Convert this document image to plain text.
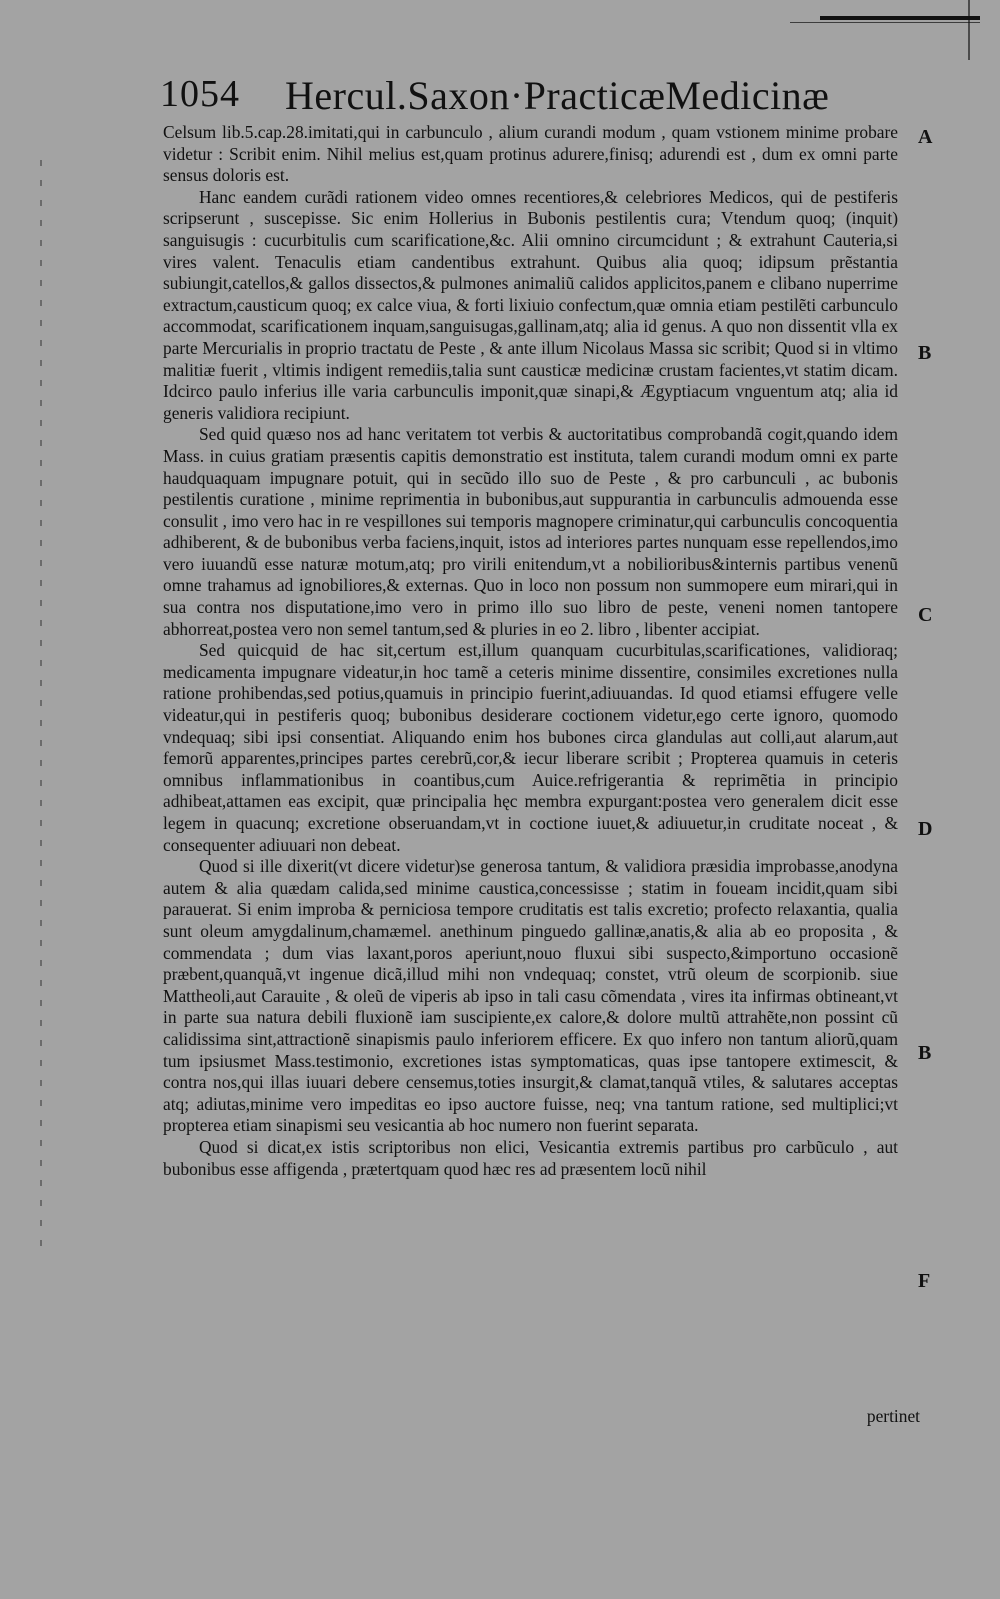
1054 Hercul.Saxon·PracticæMedicinæ

Celsum lib.5.cap.28.imitati,qui in carbunculo , alium curandi modum , quam vstionem minime probare videtur : Scribit enim. Nihil melius est,quam protinus adurere,finisq; adurendi est , dum ex omni parte sensus doloris est.

Hanc eandem curãdi rationem video omnes recentiores,& celebriores Medicos, qui de pestiferis scripserunt , suscepisse. Sic enim Hollerius in Bubonis pestilentis cura; Vtendum quoq; (inquit) sanguisugis : cucurbitulis cum scarificatione,&c. Alii omnino circumcidunt ; & extrahunt Cauteria,si vires valent. Tenaculis etiam candentibus extrahunt. Quibus alia quoq; idipsum prẽstantia subiungit,catellos,& gallos dissectos,& pulmones animaliũ calidos applicitos,panem e clibano nuperrime extractum,causticum quoq; ex calce viua, & forti lixiuio confectum,quæ omnia etiam pestilẽti carbunculo accommodat, scarificationem inquam,sanguisugas,gallinam,atq; alia id genus. A quo non dissentit vlla ex parte Mercurialis in proprio tractatu de Peste , & ante illum Nicolaus Massa sic scribit; Quod si in vltimo malitiæ fuerit , vltimis indigent remediis,talia sunt causticæ medicinæ crustam facientes,vt statim dicam. Idcirco paulo inferius ille varia carbunculis imponit,quæ sinapi,& Ægyptiacum vnguentum atq; alia id generis validiora recipiunt.

Sed quid quæso nos ad hanc veritatem tot verbis & auctoritatibus comprobandã cogit,quando idem Mass. in cuius gratiam præsentis capitis demonstratio est instituta, talem curandi modum omni ex parte haudquaquam impugnare potuit, qui in secũdo illo suo de Peste , & pro carbunculi , ac bubonis pestilentis curatione , minime reprimentia in bubonibus,aut suppurantia in carbunculis admouenda esse consulit , imo vero hac in re vespillones sui temporis magnopere criminatur,qui carbunculis concoquentia adhiberent, & de bubonibus verba faciens,inquit, istos ad interiores partes nunquam esse repellendos,imo vero iuuandũ esse naturæ motum,atq; pro virili enitendum,vt a nobilioribus&internis partibus venenũ omne trahamus ad ignobiliores,& externas. Quo in loco non possum non summopere eum mirari,qui in sua contra nos disputatione,imo vero in primo illo suo libro de peste, veneni nomen tantopere abhorreat,postea vero non semel tantum,sed & pluries in eo 2. libro , libenter accipiat.

Sed quicquid de hac sit,certum est,illum quanquam cucurbitulas,scarificationes, validioraq; medicamenta impugnare videatur,in hoc tamẽ a ceteris minime dissentire, consimiles excretiones nulla ratione prohibendas,sed potius,quamuis in principio fuerint,adiuuandas. Id quod etiamsi effugere velle videatur,qui in pestiferis quoq; bubonibus desiderare coctionem videtur,ego certe ignoro, quomodo vndequaq; sibi ipsi consentiat. Aliquando enim hos bubones circa glandulas aut colli,aut alarum,aut femorũ apparentes,principes partes cerebrũ,cor,& iecur liberare scribit ; Propterea quamuis in ceteris omnibus inflammationibus in coantibus,cum Auice.refrigerantia & reprimẽtia in principio adhibeat,attamen eas excipit, quæ principalia hęc membra expurgant:postea vero generalem dicit esse legem in quacunq; excretione obseruandam,vt in coctione iuuet,& adiuuetur,in cruditate noceat , & consequenter adiuuari non debeat.

Quod si ille dixerit(vt dicere videtur)se generosa tantum, & validiora præsidia improbasse,anodyna autem & alia quædam calida,sed minime caustica,concessisse ; statim in foueam incidit,quam sibi parauerat. Si enim improba & perniciosa tempore cruditatis est talis excretio; profecto relaxantia, qualia sunt oleum amygdalinum,chamæmel. anethinum pinguedo gallinæ,anatis,& alia ab eo proposita , & commendata ; dum vias laxant,poros aperiunt,nouo fluxui sibi suspecto,&importuno occasionẽ præbent,quanquã,vt ingenue dicã,illud mihi non vndequaq; constet, vtrũ oleum de scorpionib. siue Mattheoli,aut Carauite , & oleũ de viperis ab ipso in tali casu cõmendata , vires ita infirmas obtineant,vt in parte sua natura debili fluxionẽ iam suscipiente,ex calore,& dolore multũ attrahẽte,non possint cũ calidissima sint,attractionẽ sinapismis paulo inferiorem efficere. Ex quo infero non tantum aliorũ,quam tum ipsiusmet Mass.testimonio, excretiones istas symptomaticas, quas ipse tantopere extimescit, & contra nos,qui illas iuuari debere censemus,toties insurgit,& clamat,tanquã vtiles, & salutares acceptas atq; adiutas,minime vero impeditas eo ipso auctore fuisse, neq; vna tantum ratione, sed multiplici;vt propterea etiam sinapismi seu vesicantia ab hoc numero non fuerint separata.

Quod si dicat,ex istis scriptoribus non elici, Vesicantia extremis partibus pro carbũculo , aut bubonibus esse affigenda , prætertquam quod hæc res ad præsentem locũ nihil

pertinet
A
B
C
D
B
F
